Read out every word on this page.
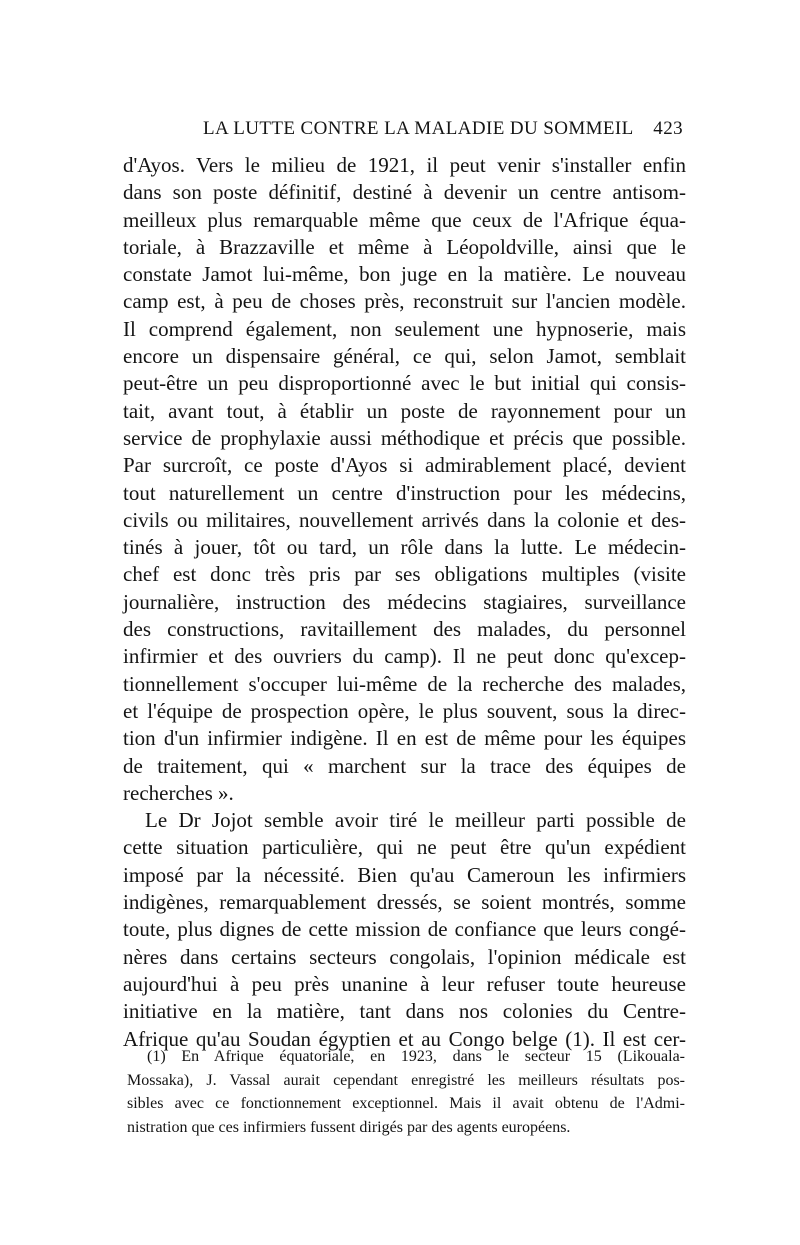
LA LUTTE CONTRE LA MALADIE DU SOMMEIL 423
d'Ayos. Vers le milieu de 1921, il peut venir s'installer enfin
dans son poste définitif, destiné à devenir un centre antisom-
meilleux plus remarquable même que ceux de l'Afrique équa-
toriale, à Brazzaville et même à Léopoldville, ainsi que le
constate Jamot lui-même, bon juge en la matière. Le nouveau
camp est, à peu de choses près, reconstruit sur l'ancien modèle.
Il comprend également, non seulement une hypnoserie, mais
encore un dispensaire général, ce qui, selon Jamot, semblait
peut-être un peu disproportionné avec le but initial qui consis-
tait, avant tout, à établir un poste de rayonnement pour un
service de prophylaxie aussi méthodique et précis que possible.
Par surcroît, ce poste d'Ayos si admirablement placé, devient
tout naturellement un centre d'instruction pour les médecins,
civils ou militaires, nouvellement arrivés dans la colonie et des-
tinés à jouer, tôt ou tard, un rôle dans la lutte. Le médecin-
chef est donc très pris par ses obligations multiples (visite
journalière, instruction des médecins stagiaires, surveillance
des constructions, ravitaillement des malades, du personnel
infirmier et des ouvriers du camp). Il ne peut donc qu'excep-
tionnellement s'occuper lui-même de la recherche des malades,
et l'équipe de prospection opère, le plus souvent, sous la direc-
tion d'un infirmier indigène. Il en est de même pour les équipes
de traitement, qui « marchent sur la trace des équipes de
recherches ».
Le Dr Jojot semble avoir tiré le meilleur parti possible de
cette situation particulière, qui ne peut être qu'un expédient
imposé par la nécessité. Bien qu'au Cameroun les infirmiers
indigènes, remarquablement dressés, se soient montrés, somme
toute, plus dignes de cette mission de confiance que leurs congé-
nères dans certains secteurs congolais, l'opinion médicale est
aujourd'hui à peu près unanine à leur refuser toute heureuse
initiative en la matière, tant dans nos colonies du Centre-
Afrique qu'au Soudan égyptien et au Congo belge (1). Il est cer-
(1) En Afrique équatoriale, en 1923, dans le secteur 15 (Likouala-
Mossaka), J. Vassal aurait cependant enregistré les meilleurs résultats pos-
sibles avec ce fonctionnement exceptionnel. Mais il avait obtenu de l'Admi-
nistration que ces infirmiers fussent dirigés par des agents européens.
